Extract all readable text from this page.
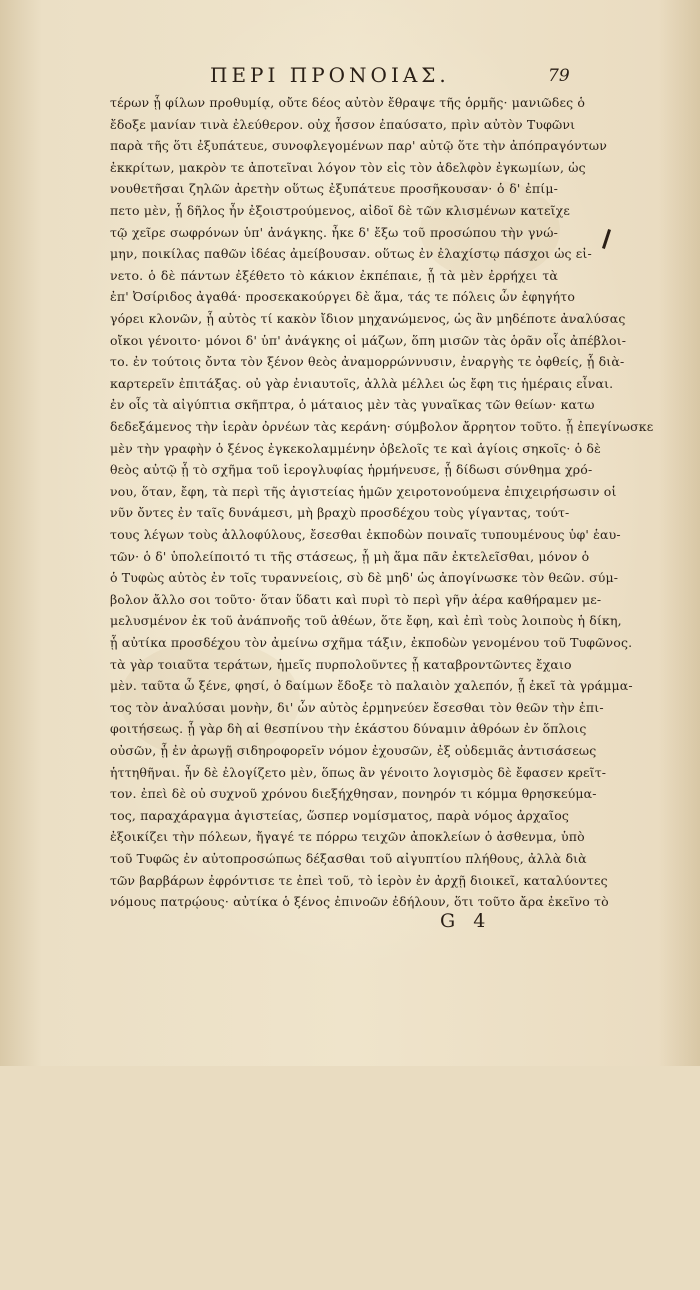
ΠΕΡΙ ΠΡΟΝΟΙΑΣ.	79
τέρων ᾗ φίλων προθυμίᾳ, οὔτε δέος αὐτὸν ἔθραψε τῆς ὁρμῆς· μανιῶδες ὁ
ἔδοξε μανίαν τινὰ ἐλεύθερον. οὐχ ἧσσον ἐπαύσατο, πρὶν αὐτὸν Τυφῶνι
παρὰ τῆς ὅτι ἐξυπάτευε, συνοφλεγομένων παρ' αὐτῷ ὅτε τὴν ἀπόπραγόντων
ἐκκρίτων, μακρὸν τε ἀποτεῖναι λόγον τὸν εἰς τὸν ἀδελφὸν ἐγκωμίων, ὡς
νουθετῆσαι ζηλῶν ἀρετὴν οὕτως ἐξυπάτευε προσῆκουσαν· ὁ δ' ἐπίμ-
πετο μὲν, ᾗ δῆλος ἦν ἐξοιστρούμενος, αἰδοῖ δὲ τῶν κλισμένων κατεῖχε
τῷ χεῖρε σωφρόνων ὑπ' ἀνάγκης. ἦκε δ' ἔξω τοῦ προσώπου τὴν γνώ-
μην, ποικίλας παθῶν ἰδέας ἀμείβουσαν. οὕτως ἐν ἐλαχίστῳ πάσχοι ὡς εἰ-
νετο. ὁ δὲ πάντων ἐξέθετο τὸ κάκιον ἐκπέπαιε, ᾗ τὰ μὲν ἐρρήχει τὰ
ἐπ' Ὀσίριδος ἀγαθά· προσεκακούργει δὲ ἅμα, τάς τε πόλεις ὧν ἐφηγήτο
γόρει κλονῶν, ᾗ αὐτὸς τί κακὸν ἴδιον μηχανώμενος, ὡς ἂν μηδέποτε ἀναλύσας
οἴκοι γένοιτο· μόνοι δ' ὑπ' ἀνάγκης οἱ μάζων, ὅπη μισῶν τὰς ὁρᾶν οἷς ἀπέβλοι-
το. ἐν τούτοις ὄντα τὸν ξένον θεὸς ἀναμορρώννυσιν, ἐναργὴς τε ὀφθείς, ᾗ διὰ-
καρτερεῖν ἐπιτάξας. οὐ γὰρ ἐνιαυτοῖς, ἀλλὰ μέλλει ὡς ἔφη τις ἡμέραις εἶναι.
ἐν οἷς τὰ αἰγύπτια σκῆπτρα, ὁ μάταιος μὲν τὰς γυναῖκας τῶν θείων· κατω
δεδεξάμενος τὴν ἱερὰν ὀρνέων τὰς κεράνη· σύμβολον ἄρρητον τοῦτο. ᾗ ἐπεγίνωσκε
μὲν τὴν γραφὴν ὁ ξένος ἐγκεκολαμμένην ὀβελοῖς τε καὶ ἁγίοις σηκοῖς· ὁ δὲ
θεὸς αὐτῷ ᾗ τὸ σχῆμα τοῦ ἱερογλυφίας ἡρμήνευσε, ᾗ δίδωσι σύνθημα χρό-
νου, ὅταν, ἔφη, τὰ περὶ τῆς ἀγιστείας ἡμῶν χειροτονούμενα ἐπιχειρήσωσιν οἱ
νῦν ὄντες ἐν ταῖς δυνάμεσι, μὴ βραχὺ προσδέχου τοὺς γίγαντας, τούτ-
τους λέγων τοὺς ἀλλοφύλους, ἔσεσθαι ἐκποδὼν ποιναῖς τυπουμένους ὑφ' ἑαυ-
τῶν· ὁ δ' ὑπολείποιτό τι τῆς στάσεως, ᾗ μὴ ἅμα πᾶν ἐκτελεῖσθαι, μόνον ὁ
ὁ Τυφὼς αὐτὸς ἐν τοῖς τυραννείοις, σὺ δὲ μηδ' ὡς ἀπογίνωσκε τὸν θεῶν. σύμ-
βολον ἄλλο σοι τοῦτο· ὅταν ὕδατι καὶ πυρὶ τὸ περὶ γῆν ἀέρα καθήραμεν με-
μελυσμένον ἐκ τοῦ ἀνάπνοῆς τοῦ ἀθέων, ὅτε ἔφη, καὶ ἐπὶ τοὺς λοιποὺς ἡ δίκη,
ᾗ αὐτίκα προσδέχου τὸν ἀμείνω σχῆμα τάξιν, ἐκποδὼν γενομένου τοῦ Τυφῶνος.
τὰ γὰρ τοιαῦτα τεράτων, ἡμεῖς πυρπολοῦντες ᾗ καταβροντῶντες ἔχαιο
μὲν. ταῦτα ὦ ξένε, φησί, ὁ δαίμων ἔδοξε τὸ παλαιὸν χαλεπόν, ᾗ ἐκεῖ τὰ γράμμα-
τος τὸν ἀναλύσαι μονὴν, δι' ὧν αὐτὸς ἑρμηνεύεν ἔσεσθαι τὸν θεῶν τὴν ἐπι-
φοιτήσεως. ᾗ γὰρ δὴ αἱ θεσπίνου τὴν ἑκάστου δύναμιν ἀθρόων ἐν ὅπλοις
οὐσῶν, ᾗ ἐν ἀρωγῇ σιδηροφορεῖν νόμον ἐχουσῶν, ἐξ οὐδεμιᾶς ἀντισάσεως
ἡττηθῆναι. ἦν δὲ ἐλογίζετο μὲν, ὅπως ἂν γένοιτο λογισμὸς δὲ ἔφασεν κρεῖτ-
τον. ἐπεὶ δὲ οὐ συχνοῦ χρόνου διεξήχθησαν, πονηρόν τι κόμμα θρησκεύμα-
τος, παραχάραγμα ἀγιστείας, ὥσπερ νομίσματος, παρὰ νόμος ἀρχαῖος
ἐξοικίζει τὴν πόλεων, ἤγαγέ τε πόρρω τειχῶν ἀποκλείων ὁ ἀσθενμα, ὑπὸ
τοῦ Τυφῶς ἐν αὐτοπροσώπως δέξασθαι τοῦ αἰγυπτίου πλήθους, ἀλλὰ διὰ
τῶν βαρβάρων ἐφρόντισε τε ἐπεὶ τοῦ, τὸ ἱερὸν ἐν ἀρχῇ διοικεῖ, καταλύοντες
νόμους πατρῴους· αὐτίκα ὁ ξένος ἐπινοῶν ἐδήλουν, ὅτι τοῦτο ἄρα ἐκεῖνο τὸ
G 4
